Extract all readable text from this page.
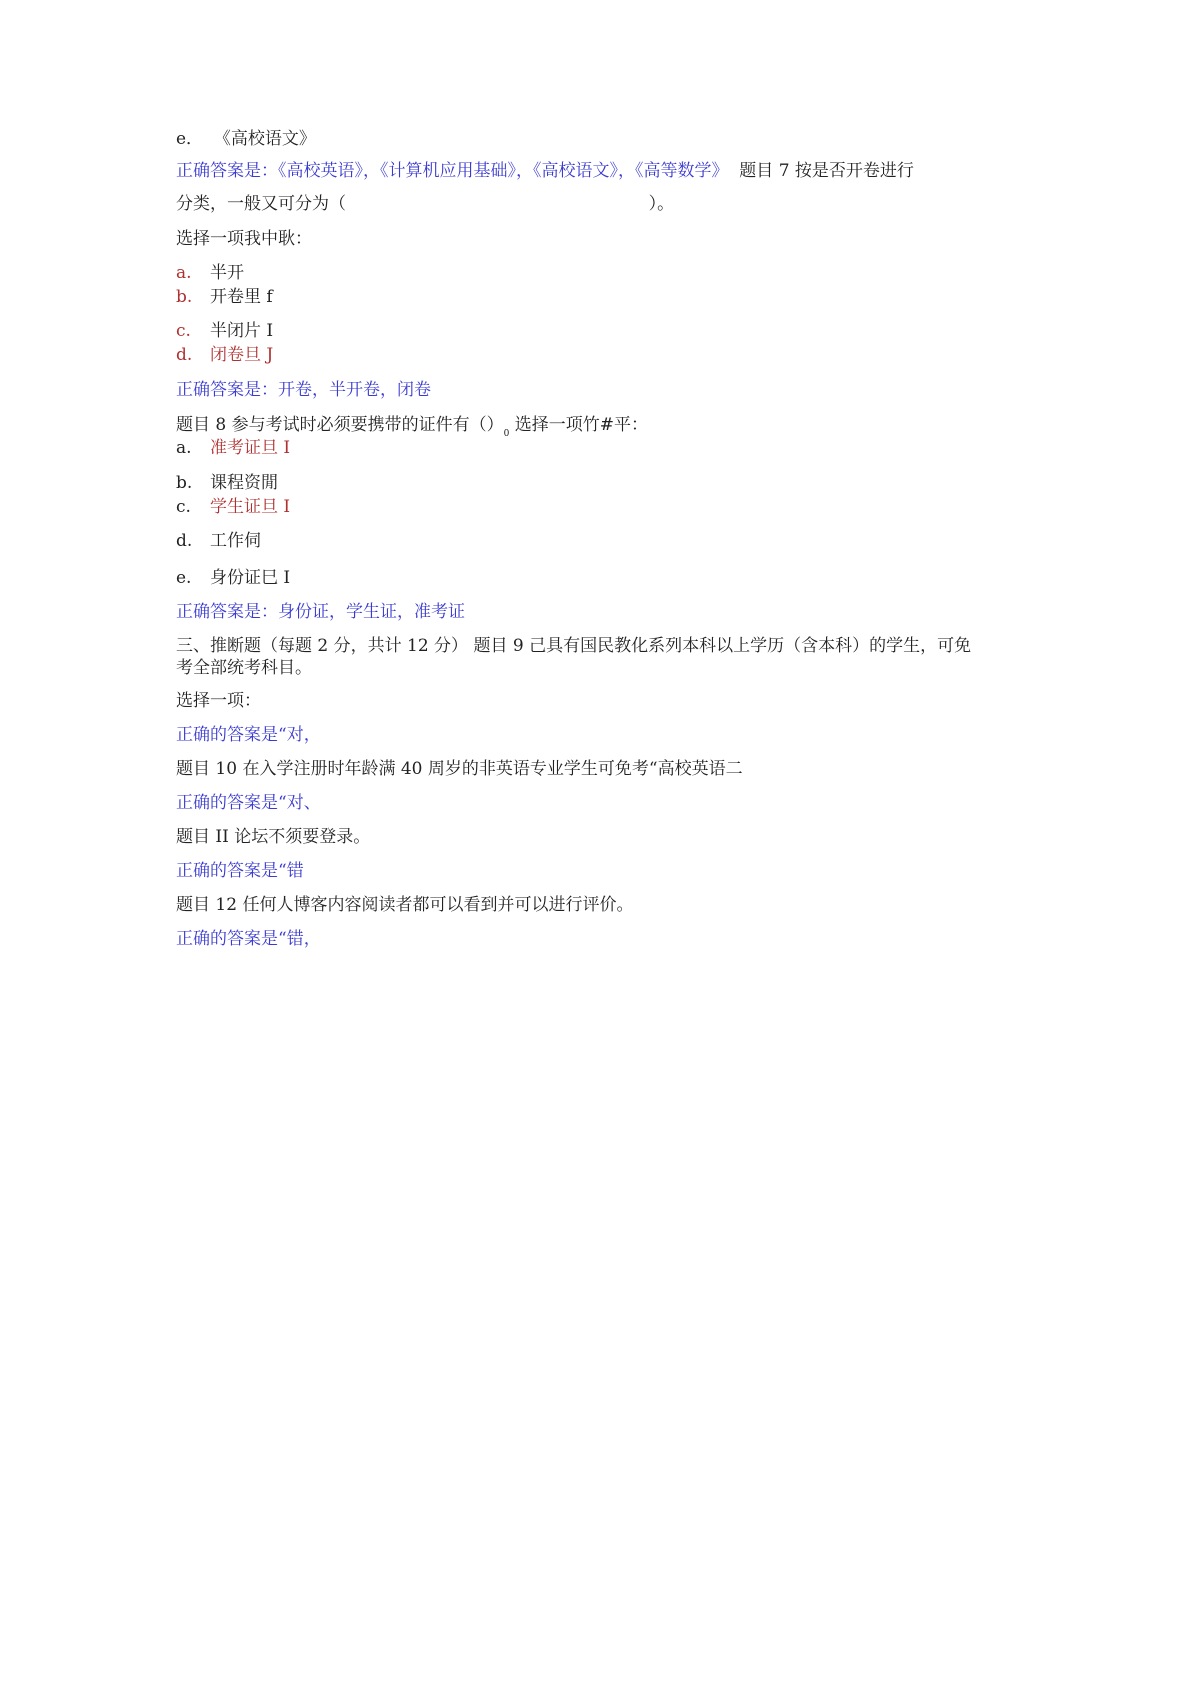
e．  《高校语文》
正确答案是：《高校英语》，《计算机应用基础》，《高校语文》，《高等数学》  题目 7 按是否开卷进行
分类，一般又可分为（                                                        ）。
选择一项我中耿：
a. 半开
b. 开卷里 f
c. 半闭片 I
d. 闭卷旦 J
正确答案是：开卷，半开卷，闭卷
题目 8 参与考试时必须要携带的证件有$()_0$ 选择一项竹#平：
a. 准考证旦 I
b. 课程资閒
c. 学生证旦 I
d. 工作伺
e. 身份证巳 I
正确答案是：身份证，学生证，准考证
三、推断题（每题 2 分，共计 12 分） 题目 9 己具有国民教化系列本科以上学历（含本科）的学生，可免
考全部统考科目。
选择一项：
正确的答案是“对，
题目 10 在入学注册时年龄满 40 周岁的非英语专业学生可免考“高校英语二
正确的答案是“对、
题目 II 论坛不须要登录。
正确的答案是“错
题目 12 任何人博客内容阅读者都可以看到并可以进行评价。
正确的答案是“错，
